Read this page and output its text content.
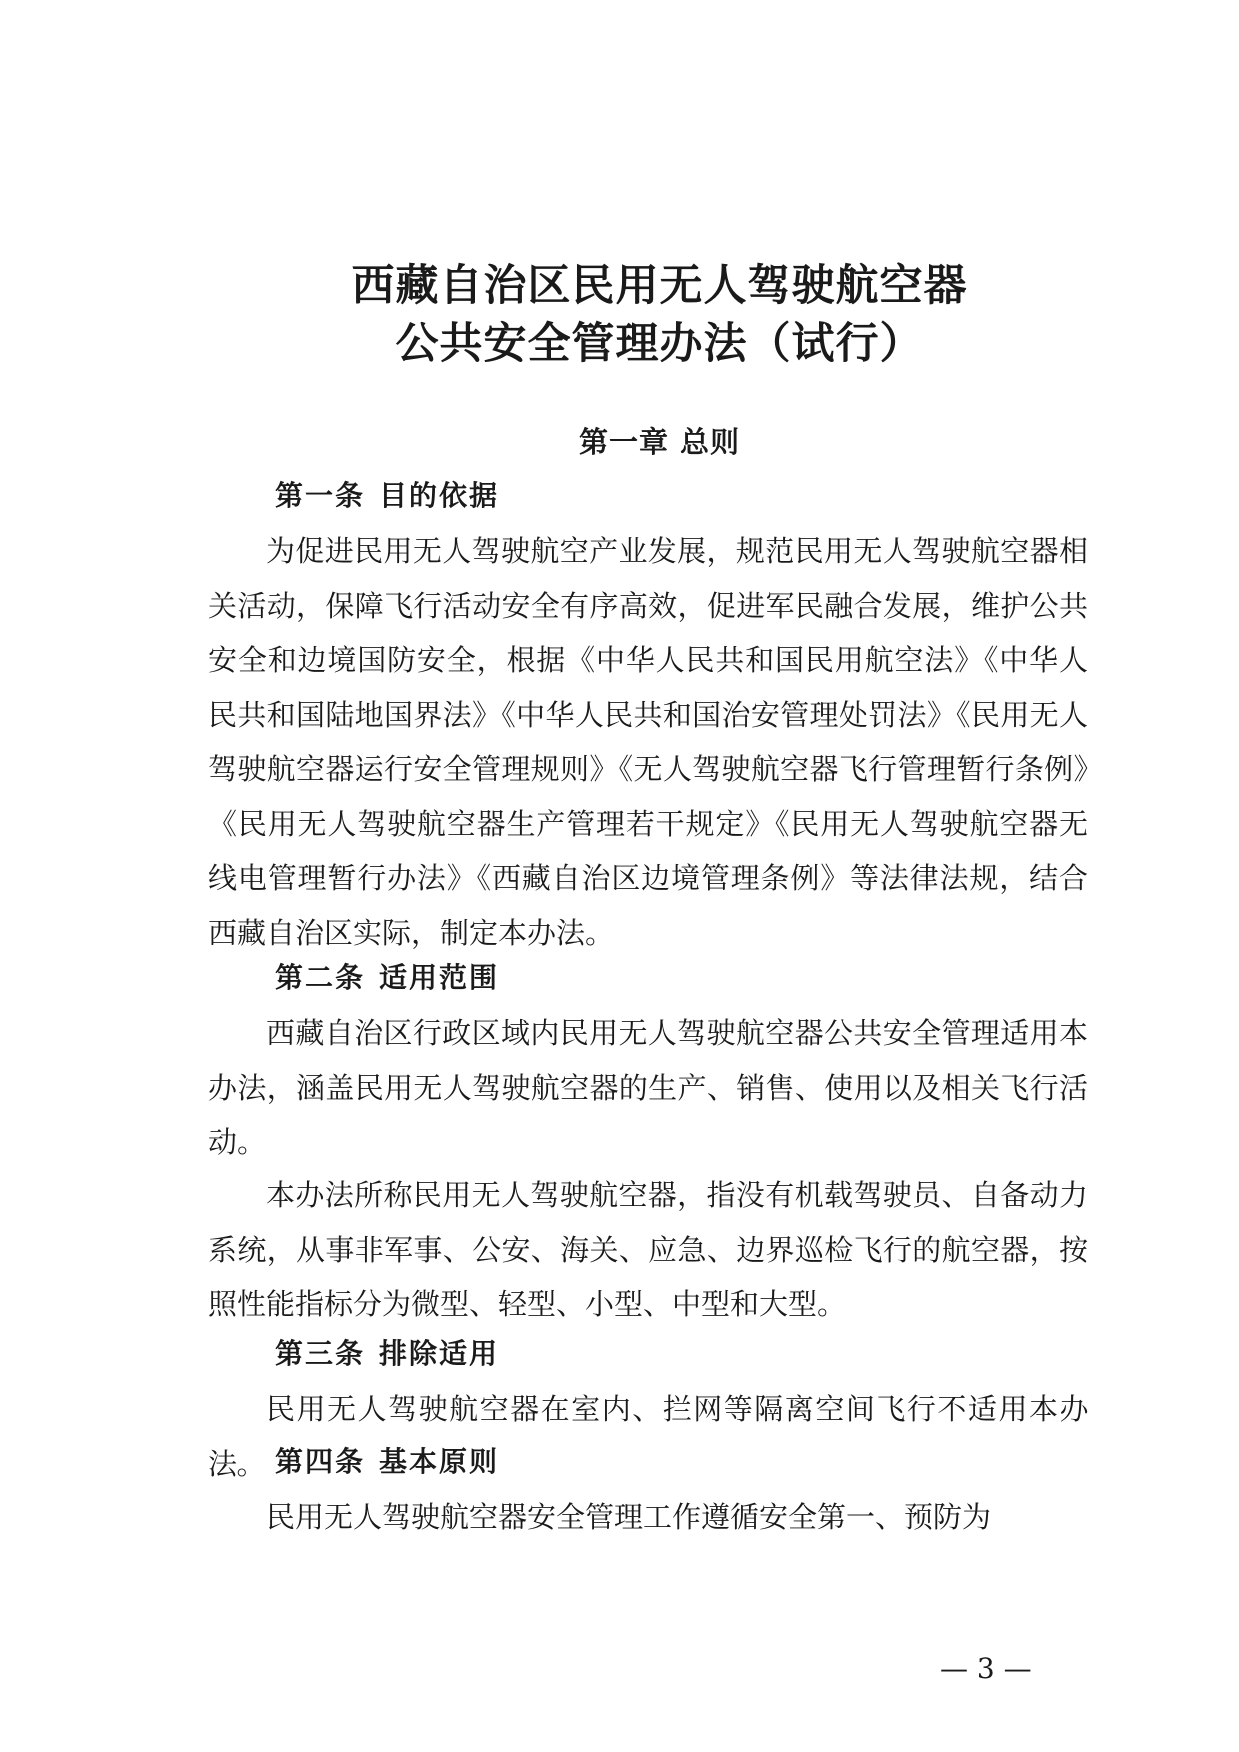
西藏自治区民用无人驾驶航空器
公共安全管理办法（试行）
第一章 总则
第一条 目的依据

为促进民用无人驾驶航空产业发展，规范民用无人驾驶航空器相关活动，保障飞行活动安全有序高效，促进军民融合发展，维护公共安全和边境国防安全，根据《中华人民共和国民用航空法》《中华人民共和国陆地国界法》《中华人民共和国治安管理处罚法》《民用无人驾驶航空器运行安全管理规则》《无人驾驶航空器飞行管理暂行条例》《民用无人驾驶航空器生产管理若干规定》《民用无人驾驶航空器无线电管理暂行办法》《西藏自治区边境管理条例》等法律法规，结合西藏自治区实际，制定本办法。

第二条 适用范围

西藏自治区行政区域内民用无人驾驶航空器公共安全管理适用本办法，涵盖民用无人驾驶航空器的生产、销售、使用以及相关飞行活动。

本办法所称民用无人驾驶航空器，指没有机载驾驶员、自备动力系统，从事非军事、公安、海关、应急、边界巡检飞行的航空器，按照性能指标分为微型、轻型、小型、中型和大型。

第三条 排除适用

民用无人驾驶航空器在室内、拦网等隔离空间飞行不适用本办法。 第四条 基本原则

民用无人驾驶航空器安全管理工作遵循安全第一、预防为

— 3 —
